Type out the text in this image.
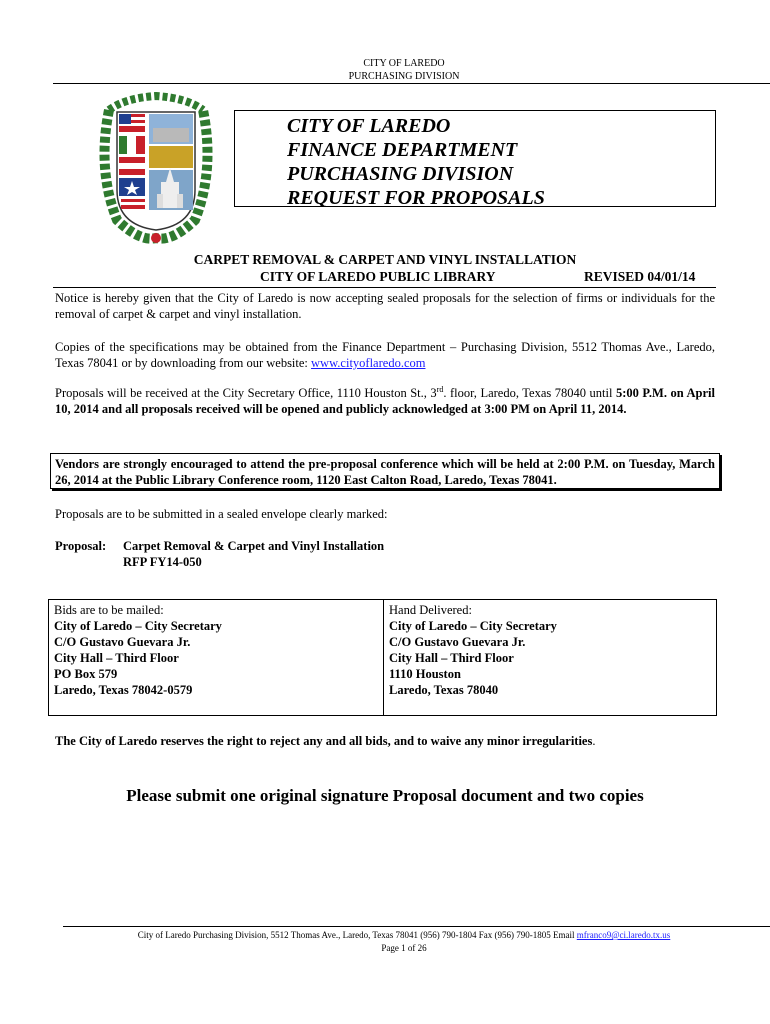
CITY OF LAREDO
PURCHASING DIVISION
CITY OF LAREDO
FINANCE DEPARTMENT
PURCHASING DIVISION
REQUEST FOR PROPOSALS
CARPET REMOVAL & CARPET AND VINYL INSTALLATION
CITY OF LAREDO PUBLIC LIBRARY	REVISED 04/01/14
Notice is hereby given that the City of Laredo is now accepting sealed proposals for the selection of firms or individuals for the removal of carpet & carpet and vinyl installation.
Copies of the specifications may be obtained from the Finance Department – Purchasing Division, 5512 Thomas Ave., Laredo, Texas 78041 or by downloading from our website: www.cityoflaredo.com
Proposals will be received at the City Secretary Office, 1110 Houston St., 3rd. floor, Laredo, Texas 78040 until 5:00 P.M. on April 10, 2014 and all proposals received will be opened and publicly acknowledged at 3:00 PM on April 11, 2014.
Vendors are strongly encouraged to attend the pre-proposal conference which will be held at 2:00 P.M. on Tuesday, March 26, 2014 at the Public Library Conference room, 1120 East Calton Road, Laredo, Texas 78041.
Proposals are to be submitted in a sealed envelope clearly marked:
Proposal: Carpet Removal & Carpet and Vinyl Installation
RFP FY14-050
Bids are to be mailed:
City of Laredo – City Secretary
C/O Gustavo Guevara Jr.
City Hall – Third Floor
PO Box 579
Laredo, Texas 78042-0579
Hand Delivered:
City of Laredo – City Secretary
C/O Gustavo Guevara Jr.
City Hall – Third Floor
1110 Houston
Laredo, Texas 78040
The City of Laredo reserves the right to reject any and all bids, and to waive any minor irregularities.
Please submit one original signature Proposal document and two copies
City of Laredo Purchasing Division, 5512 Thomas Ave., Laredo, Texas 78041 (956) 790-1804 Fax (956) 790-1805 Email mfranco9@ci.laredo.tx.us
Page 1 of 26
